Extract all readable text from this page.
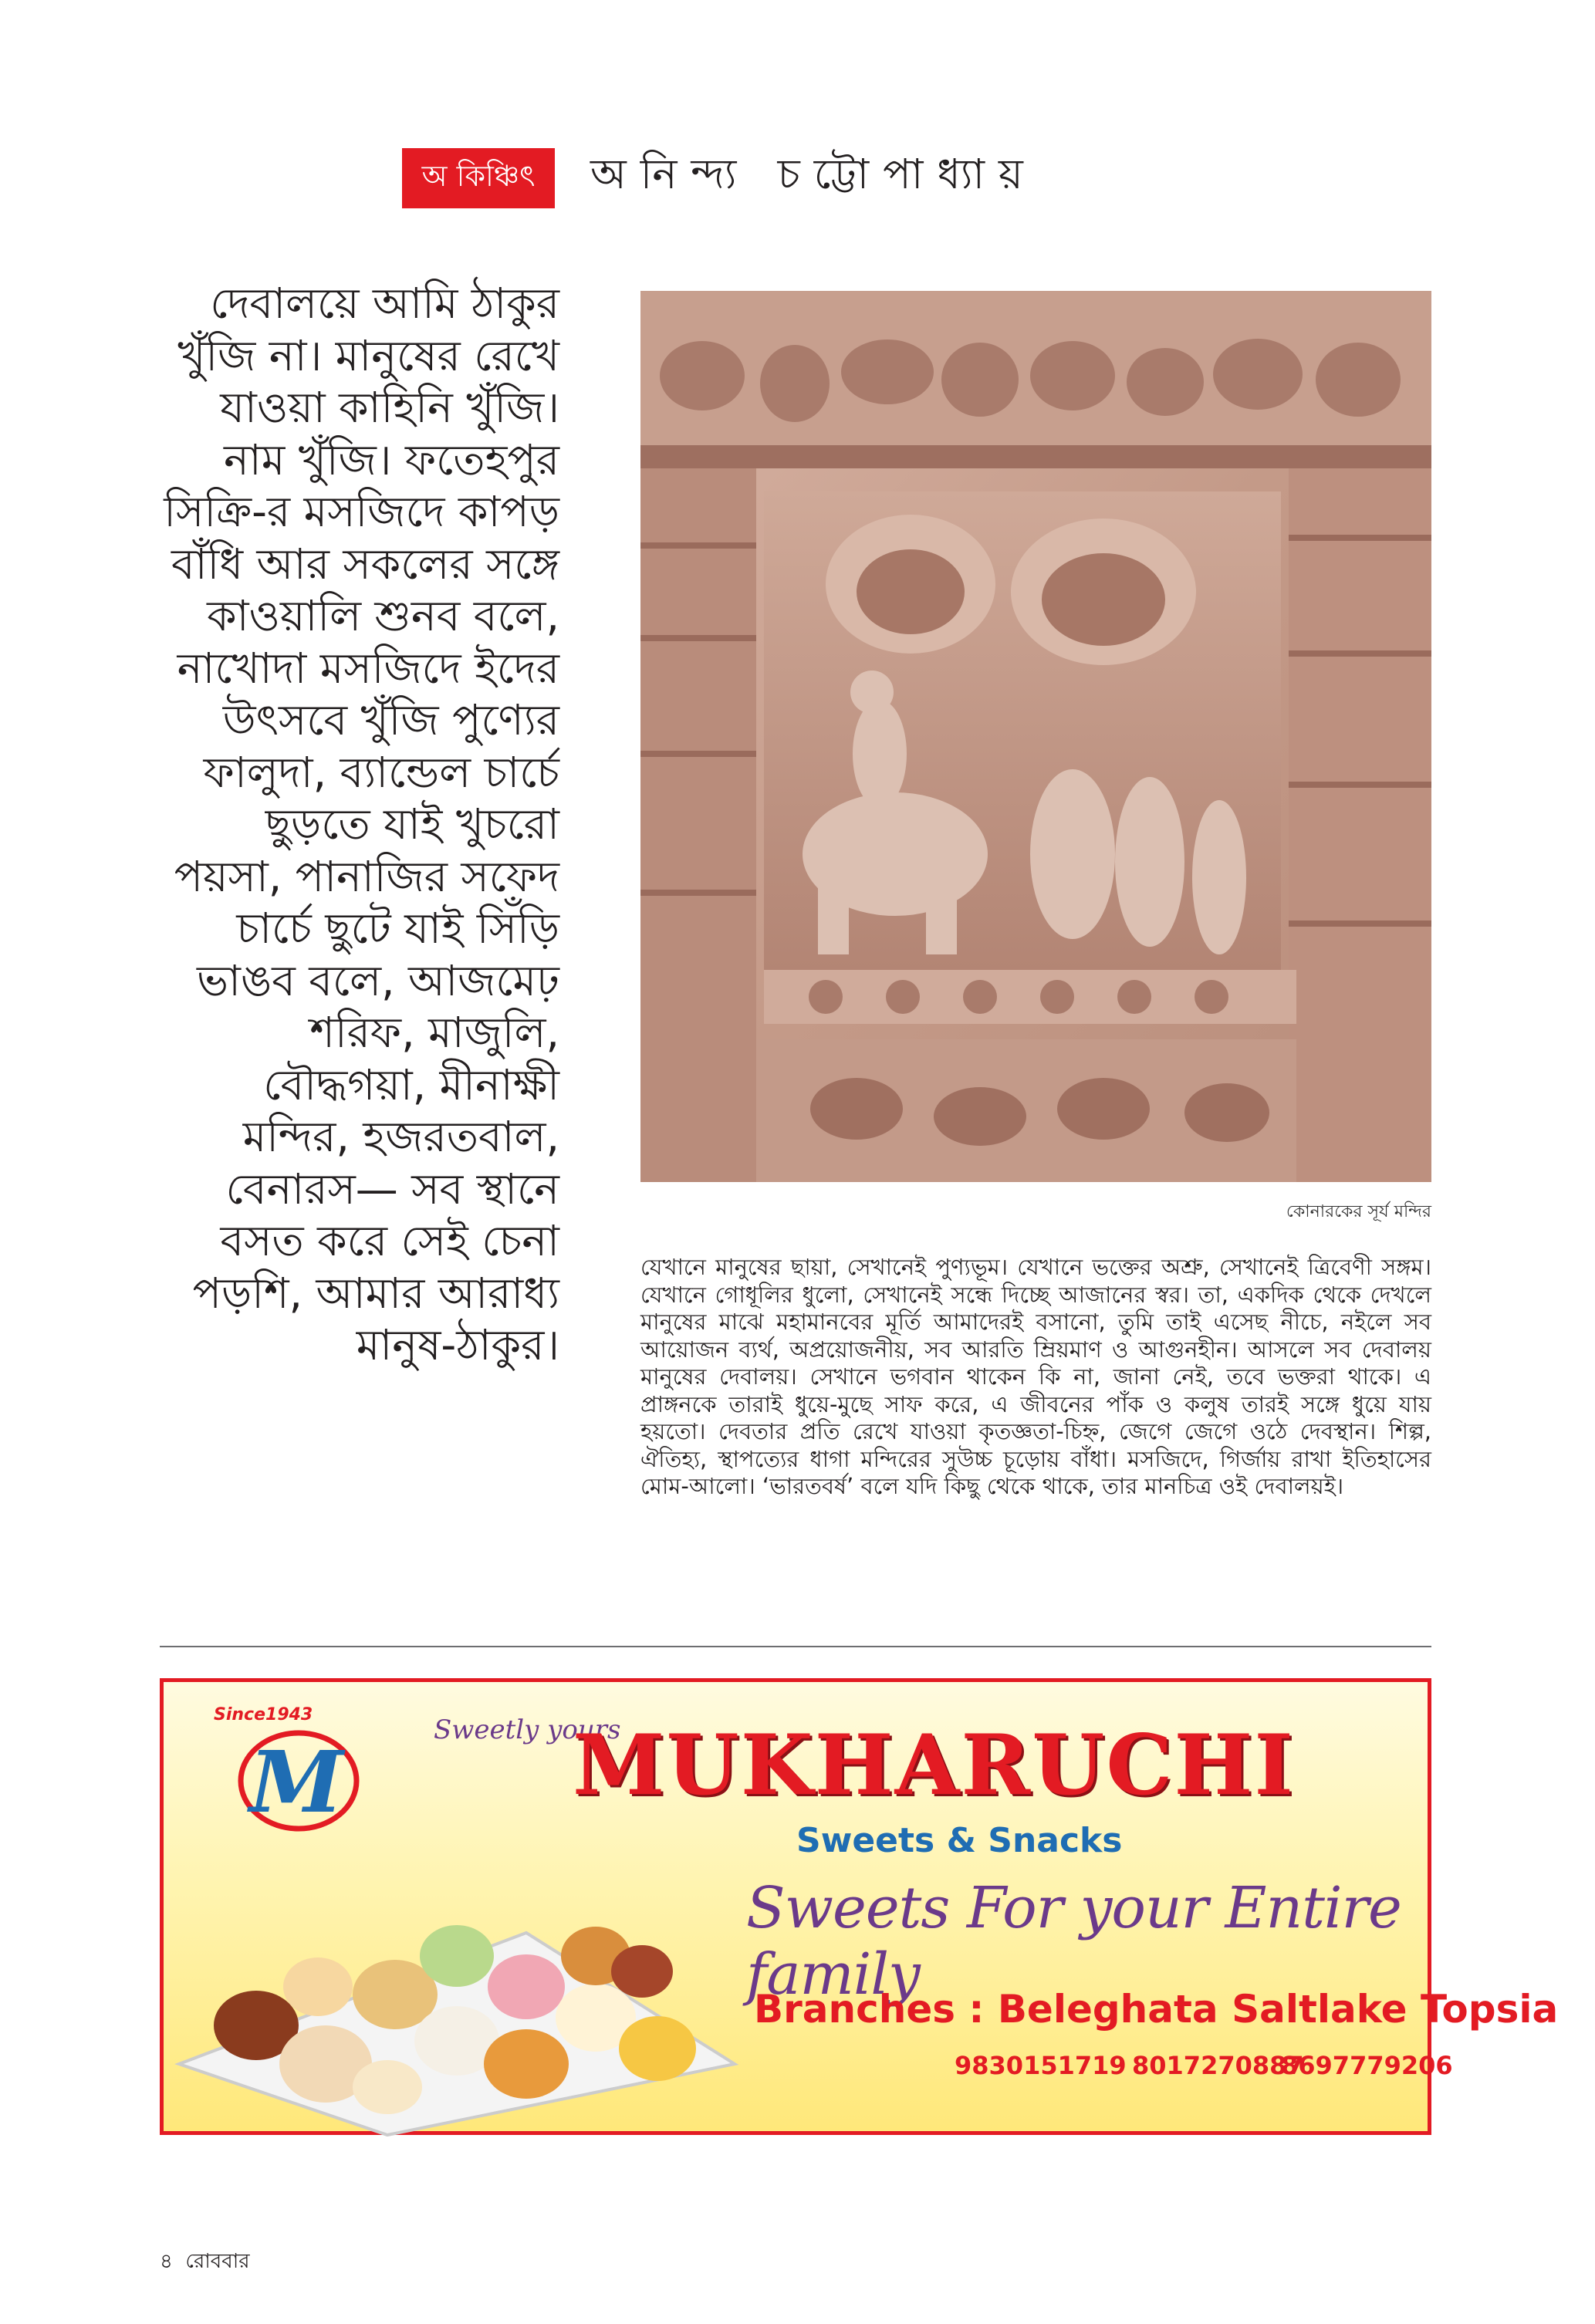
অ কিঞ্চিৎ	অনিন্দ্য চট্টোপাধ্যায়
দেবালয়ে আমি ঠাকুর
খুঁজি না। মানুষের রেখে
যাওয়া কাহিনি খুঁজি।
নাম খুঁজি। ফতেহপুর
সিক্রি-র মসজিদে কাপড়
বাঁধি আর সকলের সঙ্গে
কাওয়ালি শুনব বলে,
নাখোদা মসজিদে ইদের
উৎসবে খুঁজি পুণ্যের
ফালুদা, ব্যান্ডেল চার্চে
ছুড়তে যাই খুচরো
পয়সা, পানাজির সফেদ
চার্চে ছুটে যাই সিঁড়ি
ভাঙব বলে, আজমেঢ়
শরিফ, মাজুলি,
বৌদ্ধগয়া, মীনাক্ষী
মন্দির, হজরতবাল,
বেনারস— সব স্থানে
বসত করে সেই চেনা
পড়শি, আমার আরাধ্য
মানুষ-ঠাকুর।
কোনারকের সূর্য মন্দির
যেখানে মানুষের ছায়া, সেখানেই পুণ্যভূম। যেখানে ভক্তের অশ্রু, সেখানেই ত্রিবেণী সঙ্গম। যেখানে গোধূলির ধুলো, সেখানেই সন্ধে দিচ্ছে আজানের স্বর। তা, একদিক থেকে দেখলে মানুষের মাঝে মহামানবের মূর্তি আমাদেরই বসানো, তুমি তাই এসেছ নীচে, নইলে সব আয়োজন ব্যর্থ, অপ্রয়োজনীয়, সব আরতি ম্রিয়মাণ ও আগুনহীন। আসলে সব দেবালয় মানুষের দেবালয়। সেখানে ভগবান থাকেন কি না, জানা নেই, তবে ভক্তরা থাকে। এ প্রাঙ্গনকে তারাই ধুয়ে-মুছে সাফ করে, এ জীবনের পাঁক ও কলুষ তারই সঙ্গে ধুয়ে যায় হয়তো। দেবতার প্রতি রেখে যাওয়া কৃতজ্ঞতা-চিহ্ন, জেগে জেগে ওঠে দেবস্থান। শিল্প, ঐতিহ্য, স্থাপত্যের ধাগা মন্দিরের সুউচ্চ চূড়োয় বাঁধা। মসজিদে, গির্জায় রাখা ইতিহাসের মোম-আলো। ‘ভারতবর্ষ’ বলে যদি কিছু থেকে থাকে, তার মানচিত্র ওই দেবালয়ই।
Since1943
M
Sweetly yours
MUKHARUCHI
Sweets & Snacks
Sweets For your Entire family
Branches : Beleghata Saltlake Topsia
9830151719 8017270887
8697779206
৪ রোববার
